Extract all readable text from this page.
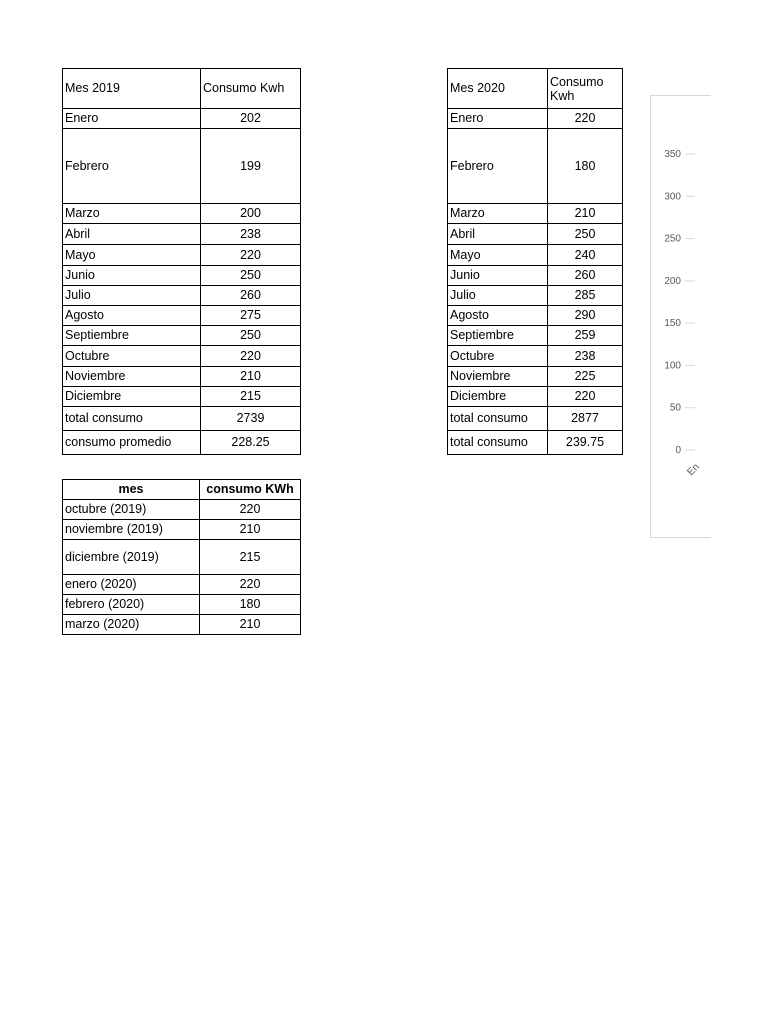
Mes 2019	Consumo Kwh
Enero	202
Febrero	199
Marzo	200
Abril	238
Mayo	220
Junio	250
Julio	260
Agosto	275
Septiembre	250
Octubre	220
Noviembre	210
Diciembre	215
total consumo	2739
consumo promedio	228.25
Mes 2020	Consumo Kwh
Enero	220
Febrero	180
Marzo	210
Abril	250
Mayo	240
Junio	260
Julio	285
Agosto	290
Septiembre	259
Octubre	238
Noviembre	225
Diciembre	220
total consumo	2877
total consumo	239.75
mes	consumo KWh
octubre (2019)	220
noviembre (2019)	210
diciembre (2019)	215
enero (2020)	220
febrero (2020)	180
marzo (2020)	210
350
300
250
200
150
100
50
0
En
